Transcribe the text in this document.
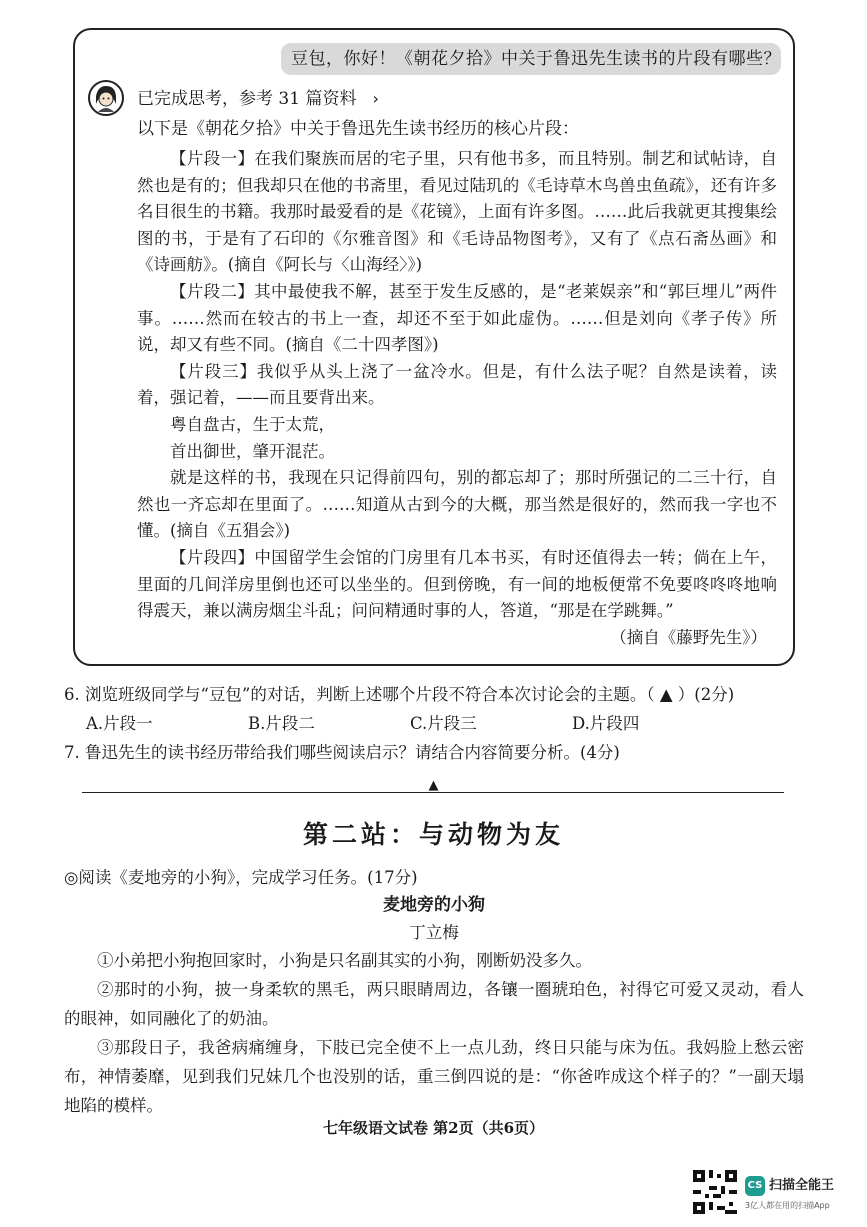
豆包，你好！《朝花夕拾》中关于鲁迅先生读书的片段有哪些？
已完成思考，参考 31 篇资料 ›
以下是《朝花夕拾》中关于鲁迅先生读书经历的核心片段：

【片段一】在我们聚族而居的宅子里，只有他书多，而且特别。制艺和试帖诗，自然也是有的；但我却只在他的书斋里，看见过陆玑的《毛诗草木鸟兽虫鱼疏》，还有许多名目很生的书籍。我那时最爱看的是《花镜》，上面有许多图。……此后我就更其搜集绘图的书，于是有了石印的《尔雅音图》和《毛诗品物图考》，又有了《点石斋丛画》和《诗画舫》。(摘自《阿长与〈山海经〉》)

【片段二】其中最使我不解，甚至于发生反感的，是“老莱娱亲”和“郭巨埋儿”两件事。……然而在较古的书上一查，却还不至于如此虚伪。……但是刘向《孝子传》所说，却又有些不同。(摘自《二十四孝图》)

【片段三】我似乎从头上浇了一盆冷水。但是，有什么法子呢？自然是读着，读着，强记着，——而且要背出来。

粤自盘古，生于太荒，

首出御世，肇开混茫。

就是这样的书，我现在只记得前四句，别的都忘却了；那时所强记的二三十行，自然也一齐忘却在里面了。……知道从古到今的大概，那当然是很好的，然而我一字也不懂。(摘自《五猖会》)

【片段四】中国留学生会馆的门房里有几本书买，有时还值得去一转；倘在上午，里面的几间洋房里倒也还可以坐坐的。但到傍晚，有一间的地板便常不免要咚咚咚地响得震天，兼以满房烟尘斗乱；问问精通时事的人，答道，“那是在学跳舞。”

（摘自《藤野先生》）

6. 浏览班级同学与“豆包”的对话，判断上述哪个片段不符合本次讨论会的主题。（ ▲ ）(2分)
A.片段一	B.片段二	C.片段三	D.片段四
7. 鲁迅先生的读书经历带给我们哪些阅读启示？请结合内容简要分析。(4分)
▲
第二站：与动物为友
◎阅读《麦地旁的小狗》，完成学习任务。(17分)
麦地旁的小狗
丁立梅

①小弟把小狗抱回家时，小狗是只名副其实的小狗，刚断奶没多久。

②那时的小狗，披一身柔软的黑毛，两只眼睛周边，各镶一圈琥珀色，衬得它可爱又灵动，看人的眼神，如同融化了的奶油。

③那段日子，我爸病痛缠身，下肢已完全使不上一点儿劲，终日只能与床为伍。我妈脸上愁云密布，神情萎靡，见到我们兄妹几个也没别的话，重三倒四说的是：“你爸咋成这个样子的？”一副天塌地陷的模样。

七年级语文试卷 第2页（共6页）
CS 扫描全能王
3亿人都在用的扫描App
